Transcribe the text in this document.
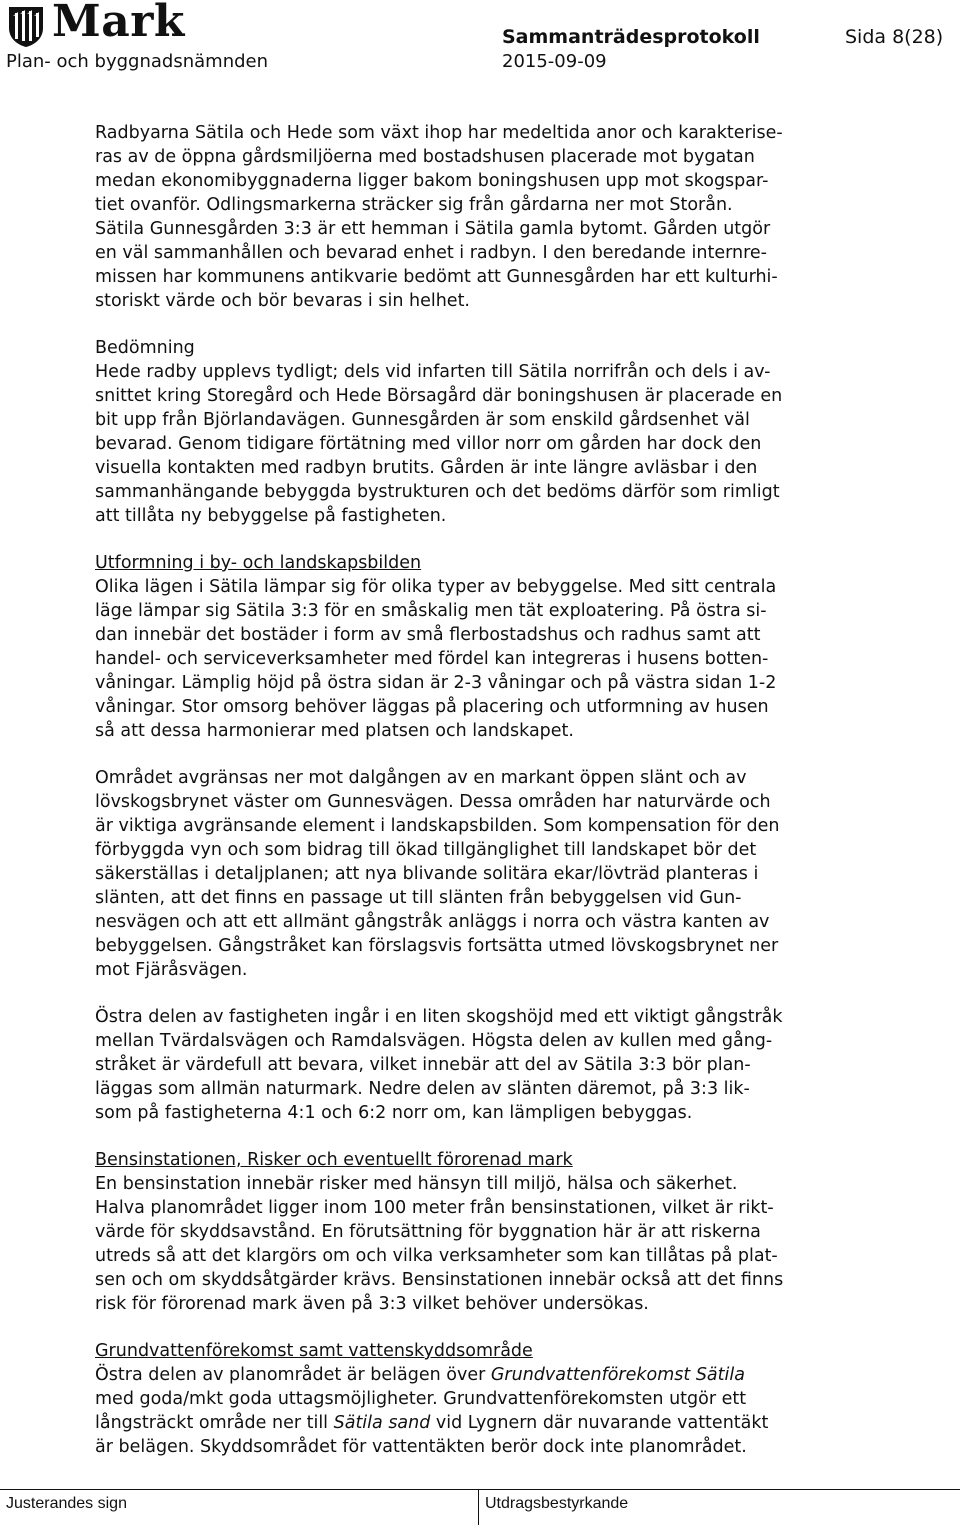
Mark
Plan- och byggnadsnämnden
Sammanträdesprotokoll
2015-09-09
Sida 8(28)

Radbyarna Sätila och Hede som växt ihop har medeltida anor och karakterise-
ras av de öppna gårdsmiljöerna med bostadshusen placerade mot bygatan
medan ekonomibyggnaderna ligger bakom boningshusen upp mot skogspar-
tiet ovanför. Odlingsmarkerna sträcker sig från gårdarna ner mot Storån.
Sätila Gunnesgården 3:3 är ett hemman i Sätila gamla bytomt. Gården utgör
en väl sammanhållen och bevarad enhet i radbyn. I den beredande internre-
missen har kommunens antikvarie bedömt att Gunnesgården har ett kulturhi-
storiskt värde och bör bevaras i sin helhet.

Bedömning
Hede radby upplevs tydligt; dels vid infarten till Sätila norrifrån och dels i av-
snittet kring Storegård och Hede Börsagård där boningshusen är placerade en
bit upp från Björlandavägen. Gunnesgården är som enskild gårdsenhet väl
bevarad. Genom tidigare förtätning med villor norr om gården har dock den
visuella kontakten med radbyn brutits. Gården är inte längre avläsbar i den
sammanhängande bebyggda bystrukturen och det bedöms därför som rimligt
att tillåta ny bebyggelse på fastigheten.

Utformning i by- och landskapsbilden
Olika lägen i Sätila lämpar sig för olika typer av bebyggelse. Med sitt centrala
läge lämpar sig Sätila 3:3 för en småskalig men tät exploatering. På östra si-
dan innebär det bostäder i form av små flerbostadshus och radhus samt att
handel- och serviceverksamheter med fördel kan integreras i husens botten-
våningar. Lämplig höjd på östra sidan är 2-3 våningar och på västra sidan 1-2
våningar. Stor omsorg behöver läggas på placering och utformning av husen
så att dessa harmonierar med platsen och landskapet.

Området avgränsas ner mot dalgången av en markant öppen slänt och av
lövskogsbrynet väster om Gunnesvägen. Dessa områden har naturvärde och
är viktiga avgränsande element i landskapsbilden. Som kompensation för den
förbyggda vyn och som bidrag till ökad tillgänglighet till landskapet bör det
säkerställas i detaljplanen; att nya blivande solitära ekar/lövträd planteras i
slänten, att det finns en passage ut till slänten från bebyggelsen vid Gun-
nesvägen och att ett allmänt gångstråk anläggs i norra och västra kanten av
bebyggelsen. Gångstråket kan förslagsvis fortsätta utmed lövskogsbrynet ner
mot Fjäråsvägen.

Östra delen av fastigheten ingår i en liten skogshöjd med ett viktigt gångstråk
mellan Tvärdalsvägen och Ramdalsvägen. Högsta delen av kullen med gång-
stråket är värdefull att bevara, vilket innebär att del av Sätila 3:3 bör plan-
läggas som allmän naturmark. Nedre delen av slänten däremot, på 3:3 lik-
som på fastigheterna 4:1 och 6:2 norr om, kan lämpligen bebyggas.

Bensinstationen, Risker och eventuellt förorenad mark
En bensinstation innebär risker med hänsyn till miljö, hälsa och säkerhet.
Halva planområdet ligger inom 100 meter från bensinstationen, vilket är rikt-
värde för skyddsavstånd. En förutsättning för byggnation här är att riskerna
utreds så att det klargörs om och vilka verksamheter som kan tillåtas på plat-
sen och om skyddsåtgärder krävs. Bensinstationen innebär också att det finns
risk för förorenad mark även på 3:3 vilket behöver undersökas.

Grundvattenförekomst samt vattenskyddsområde
Östra delen av planområdet är belägen över Grundvattenförekomst Sätila
med goda/mkt goda uttagsmöjligheter. Grundvattenförekomsten utgör ett
långsträckt område ner till Sätila sand vid Lygnern där nuvarande vattentäkt
är belägen. Skyddsområdet för vattentäkten berör dock inte planområdet.

Justerandes sign	Utdragsbestyrkande
